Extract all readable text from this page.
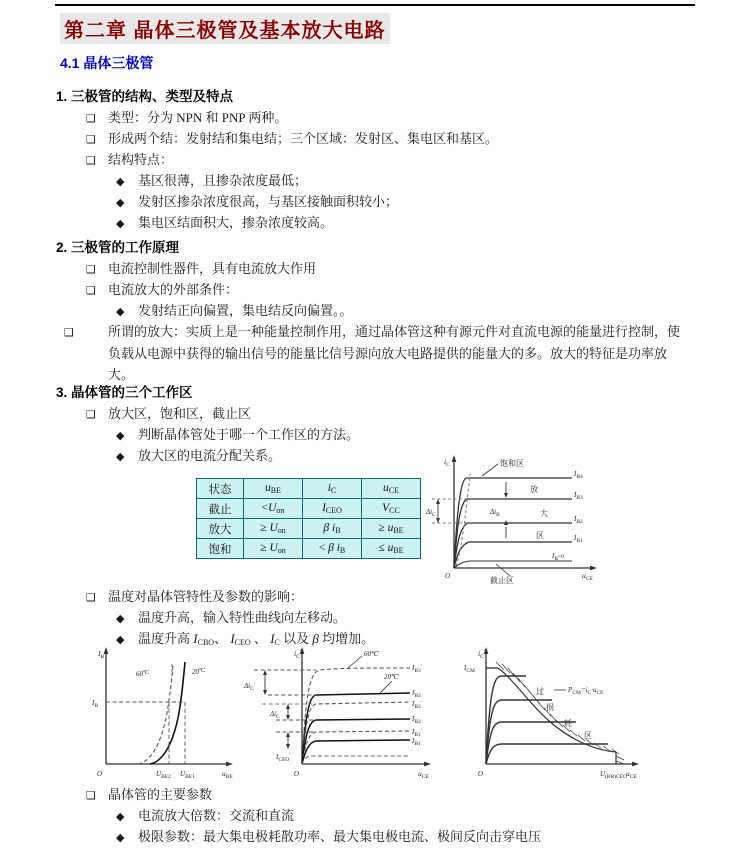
第二章 晶体三极管及基本放大电路
4.1 晶体三极管
1. 三极管的结构、类型及特点
❑ 类型：分为 NPN 和 PNP 两种。
❑ 形成两个结：发射结和集电结；三个区域：发射区、集电区和基区。
❑ 结构特点：
◆ 基区很薄，且掺杂浓度最低；
◆ 发射区掺杂浓度很高，与基区接触面积较小；
◆ 集电区结面积大，掺杂浓度较高。
2. 三极管的工作原理
❑ 电流控制性器件，具有电流放大作用
❑ 电流放大的外部条件：
◆ 发射结正向偏置，集电结反向偏置。。
❑	所谓的放大：实质上是一种能量控制作用，通过晶体管这种有源元件对直流电源的能量进行控制，使负载从电源中获得的输出信号的能量比信号源向放大电路提供的能量大的多。放大的特征是功率放大。
3. 晶体管的三个工作区
❑ 放大区，饱和区，截止区
◆ 判断晶体管处于哪一个工作区的方法。
◆ 放大区的电流分配关系。
状态	$u_{BE}$	$i_C$	$u_{CE}$
截止	$<U_{on}$	$I_{CEO}$	$V_{CC}$
放大	≥ $U_{on}$	β $i_B$	≥ $u_{BE}$
饱和	≥ $U_{on}$	< β $i_B$	≤ $u_{BE}$
$i_C$
$u_{CE}$
O
$\Delta i_C$	$\Delta i_B$
饱和区
截止区
放
大
区
$I_{B4}$
$I_{B3}$
$I_{B2}$
$I_{B1}$
$I_B^{=0}$
❑ 温度对晶体管特性及参数的影响：
◆ 温度升高，输入特性曲线向左移动。
◆ 温度升高 $I_{CBO}$、 $I_{CEO}$ 、 $I_C$ 以及 β 均增加。
$I_B$
$u_{BE}$
O
$I_B$
60℃	20℃
$U_{BE2}$ $U_{BE1}$
$i_C$
$u_{CE}$
O
$\Delta i_C'$
$\Delta i_C$
60℃
20℃
$I_{B3}'$
$I_{B3}$
$I_{B2}'$
$I_{B2}$
$I_{B1}'$
$I_{B1}$
$I_{CEO}'$
$i_C$
$u_{CE}$
O
$I_{CM}$
$P_{CM}=i_C\cdot u_{CE}$
过
损
耗
区
$U_{(BR)CEO}$
❑ 晶体管的主要参数
◆ 电流放大倍数：交流和直流
◆ 极限参数：最大集电极耗散功率、最大集电极电流、极间反向击穿电压
